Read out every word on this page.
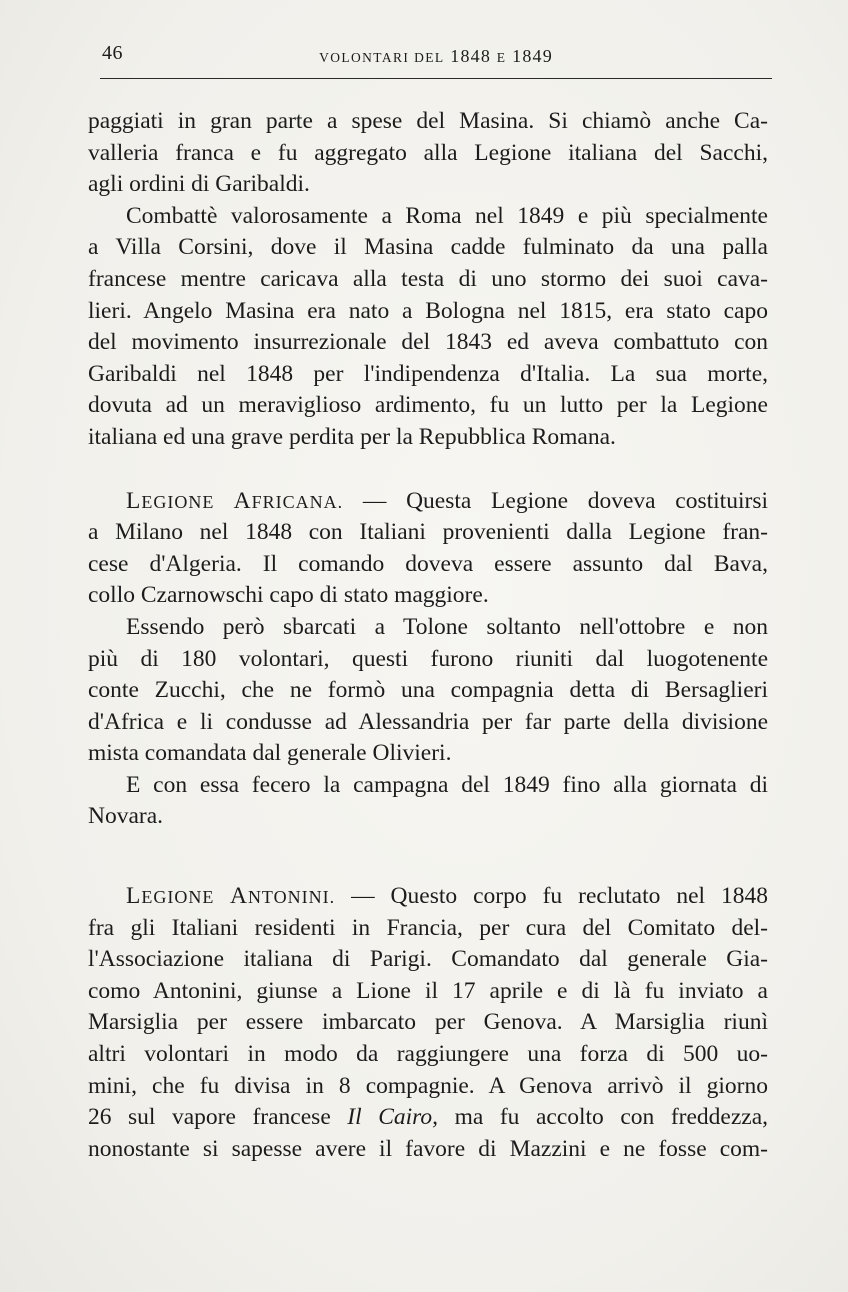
46	VOLONTARI DEL 1848 E 1849
paggiati in gran parte a spese del Masina. Si chiamò anche Ca-
valleria franca e fu aggregato alla Legione italiana del Sacchi,
agli ordini di Garibaldi.
Combattè valorosamente a Roma nel 1849 e più specialmente
a Villa Corsini, dove il Masina cadde fulminato da una palla
francese mentre caricava alla testa di uno stormo dei suoi cava-
lieri. Angelo Masina era nato a Bologna nel 1815, era stato capo
del movimento insurrezionale del 1843 ed aveva combattuto con
Garibaldi nel 1848 per l'indipendenza d'Italia. La sua morte,
dovuta ad un meraviglioso ardimento, fu un lutto per la Legione
italiana ed una grave perdita per la Repubblica Romana.
LEGIONE AFRICANA. — Questa Legione doveva costituirsi
a Milano nel 1848 con Italiani provenienti dalla Legione fran-
cese d'Algeria. Il comando doveva essere assunto dal Bava,
collo Czarnowschi capo di stato maggiore.
Essendo però sbarcati a Tolone soltanto nell'ottobre e non
più di 180 volontari, questi furono riuniti dal luogotenente
conte Zucchi, che ne formò una compagnia detta di Bersaglieri
d'Africa e li condusse ad Alessandria per far parte della divisione
mista comandata dal generale Olivieri.
E con essa fecero la campagna del 1849 fino alla giornata di
Novara.
LEGIONE ANTONINI. — Questo corpo fu reclutato nel 1848
fra gli Italiani residenti in Francia, per cura del Comitato del-
l'Associazione italiana di Parigi. Comandato dal generale Gia-
como Antonini, giunse a Lione il 17 aprile e di là fu inviato a
Marsiglia per essere imbarcato per Genova. A Marsiglia riunì
altri volontari in modo da raggiungere una forza di 500 uo-
mini, che fu divisa in 8 compagnie. A Genova arrivò il giorno
26 sul vapore francese Il Cairo, ma fu accolto con freddezza,
nonostante si sapesse avere il favore di Mazzini e ne fosse com-
